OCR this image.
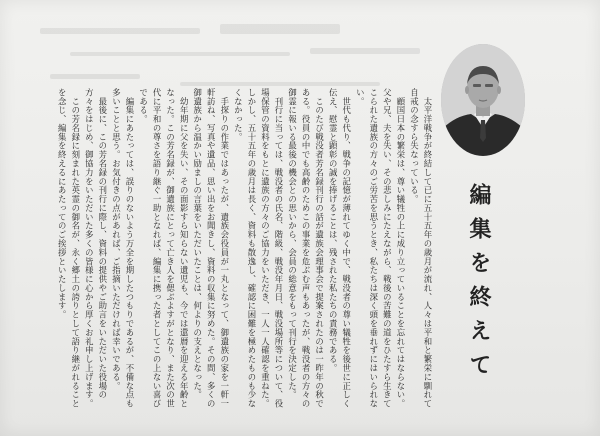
編集を終えて

　太平洋戦争が終結して已に五十五年の歳月が流れ、人々は平和と繁栄に馴れて自戒の念すら失なっている。

　顧国日本の繁栄は、尊い犠牲の上に成り立っていることを忘れてはならない。父や兄、夫を失い、その悲しみにたえながら、戦後の苦難の道をひたすら生きてこられた遺族の方々のご労苦を思うとき、私たちは深く頭を垂れずにはいられない。

　世代も代り、戦争の記憶が薄れてゆく中で、戦没者の尊い犠牲を後世に正しく伝え、慰霊と顕彰の誠を捧げることは、残された私たちの責務である。

　このたび戦没者芳名録刊行の話が遺族会理事会で提案されたのは一昨年の秋である。役員の中でも高齢のためこの事業を危ぶむ声もあったが、戦没者の方々の御霊に報いる最後の機会との思いから、会員の総意をもって刊行を決定した。

　刊行に当っては、戦没者の氏名、階級、戦没年月日、戦没場所等について、役場保管の資料をもとに遺族の方々のご協力をいただき、一人一人確認を重ねた。しかし、五十五年の歳月は長く、資料も散逸し、確認に困難を極めたものも少なくなかった。

　手探りの作業ではあったが、遺族会役員が一丸となって、御遺族の家を一軒一軒訪ね、写真や遺品、思い出をお聞きし、資料の収集に努めた。その間、多くの御遺族から温かい励ましの言葉をいただいたことは、何よりの支えとなった。

　幼年期に父を失い、その面影すら知らない遺児も、今では還暦を迎える年齢となった。この芳名録が、御遺族にとって亡き人を偲ぶよすがとなり、また次の世代に平和の尊さを語り継ぐ一助となれば、編集に携った者としてこの上ない喜びである。

　編集にあたっては、誤りのないよう万全を期したつもりであるが、不備な点も多いことと思う。お気付きの点があれば、ご指摘いただければ幸いである。

　最後に、この芳名録の刊行に際し、資料の提供やご助言をいただいた役場の方々をはじめ、御協力をいただいた多くの皆様に心から厚くお礼申し上げます。

　この芳名録に刻まれた英霊の御名が、永く郷土の誇りとして語り継がれることを念じ、編集を終えるにあたってのご挨拶といたします。
